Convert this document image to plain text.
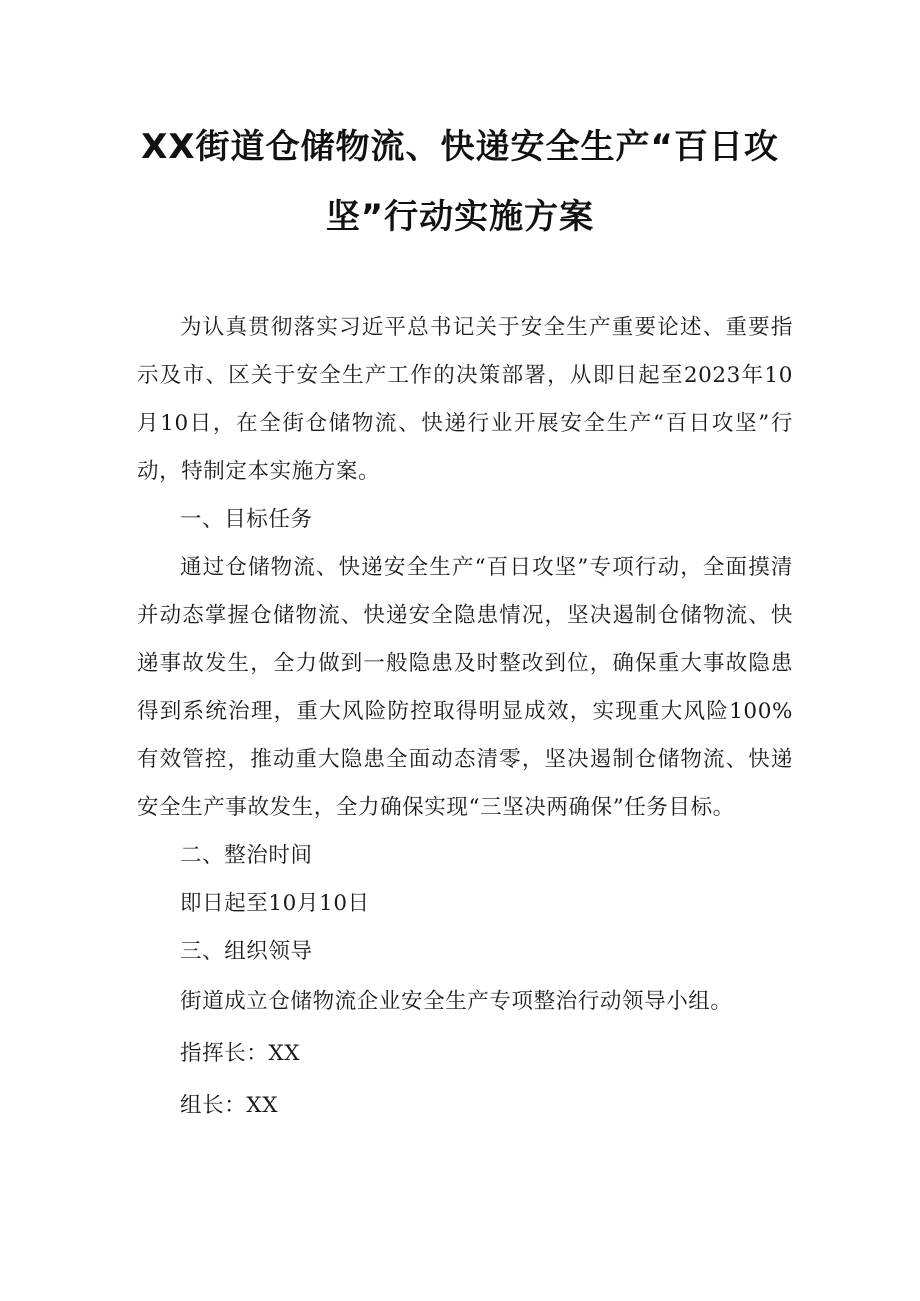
XX街道仓储物流、快递安全生产“百日攻
坚”行动实施方案

为认真贯彻落实习近平总书记关于安全生产重要论述、重要指示及市、区关于安全生产工作的决策部署，从即日起至2023年10月10日，在全街仓储物流、快递行业开展安全生产“百日攻坚”行动，特制定本实施方案。

一、目标任务

通过仓储物流、快递安全生产“百日攻坚”专项行动，全面摸清并动态掌握仓储物流、快递安全隐患情况，坚决遏制仓储物流、快递事故发生，全力做到一般隐患及时整改到位，确保重大事故隐患得到系统治理，重大风险防控取得明显成效，实现重大风险100%有效管控，推动重大隐患全面动态清零，坚决遏制仓储物流、快递安全生产事故发生，全力确保实现“三坚决两确保”任务目标。

二、整治时间

即日起至10月10日

三、组织领导

街道成立仓储物流企业安全生产专项整治行动领导小组。

指挥长：XX

组长：XX
